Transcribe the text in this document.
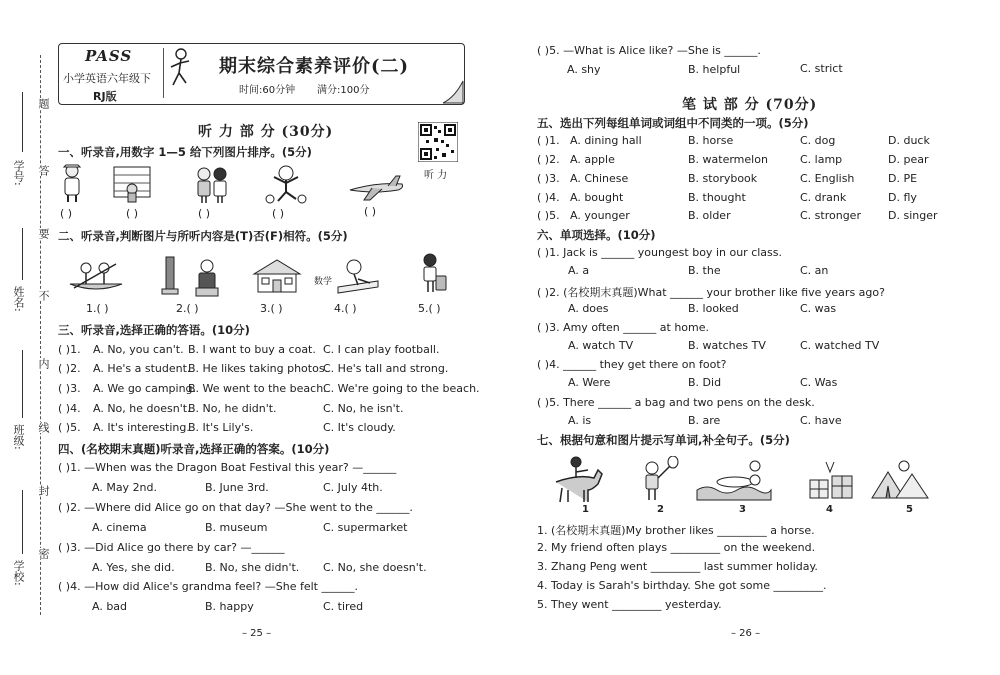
学号:
姓名:
班级:
学校:
题
答
要
不
内
线
封
密
PASS
小学英语六年级下
RJ版
期末综合素养评价(二)
时间:60分钟 满分:100分
听 力 部 分 (30分)
听 力
一、听录音,用数字 1—5 给下列图片排序。(5分)
( )	( )	( )	( )	( )
二、听录音,判断图片与所听内容是(T)否(F)相符。(5分)
数学
1.( )	2.( )	3.( )	4.( )	5.( )
三、听录音,选择正确的答语。(10分)
( )1. A. No, you can't. B. I want to buy a coat. C. I can play football.
( )2. A. He's a student.
B. He likes taking photos.
C. He's tall and strong.
( )3. A. We go camping.
B. We went to the beach.
C. We're going to the beach.
( )4. A. No, he doesn't.
B. No, he didn't.	C. No, he isn't.
( )5. A. It's interesting.
B. It's Lily's.	C. It's cloudy.
四、(名校期末真题)听录音,选择正确的答案。(10分)
( )1. —When was the Dragon Boat Festival this year? —______
A. May 2nd.	B. June 3rd.	C. July 4th.
( )2. —Where did Alice go on that day? —She went to the ______.
A. cinema	B. museum	C. supermarket
( )3. —Did Alice go there by car? —______
A. Yes, she did.	B. No, she didn't. C. No, she doesn't.
( )4. —How did Alice's grandma feel? —She felt ______.
A. bad	B. happy	C. tired
– 25 –
( )5. —What is Alice like? —She is ______.
A. shy	B. helpful	C. strict
笔 试 部 分 (70分)
五、选出下列每组单词或词组中不同类的一项。(5分)
( )1. A. dining hall	B. horse	C. dog	D. duck
( )2. A. apple	B. watermelon	C. lamp	D. pear
( )3. A. Chinese	B. storybook	C. English	D. PE
( )4. A. bought	B. thought	C. drank	D. fly
( )5. A. younger	B. older	C. stronger D. singer
六、单项选择。(10分)
( )1. Jack is ______ youngest boy in our class.
A. a	B. the	C. an
( )2. (名校期末真题)What ______ your brother like five years ago?
A. does	B. looked	C. was
( )3. Amy often ______ at home.
A. watch TV	B. watches TV	C. watched TV
( )4. ______ they get there on foot?
A. Were	B. Did	C. Was
( )5. There ______ a bag and two pens on the desk.
A. is	B. are	C. have
七、根据句意和图片提示写单词,补全句子。(5分)
1	2	3	4	5
1. (名校期末真题)My brother likes _________ a horse.
2. My friend often plays _________ on the weekend.
3. Zhang Peng went _________ last summer holiday.
4. Today is Sarah's birthday. She got some _________.
5. They went _________ yesterday.
– 26 –
